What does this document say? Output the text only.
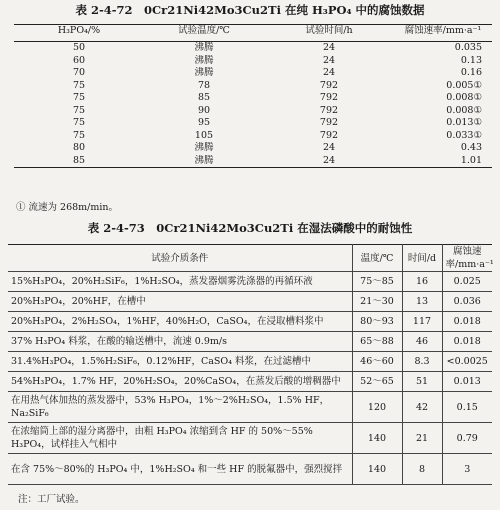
表 2-4-72　0Cr21Ni42Mo3Cu2Ti 在纯 H₃PO₄ 中的腐蚀数据
H₃PO₄/%	试验温度/℃	试验时间/h	腐蚀速率/mm·a⁻¹
50	沸腾	24	0.035
60	沸腾	24	0.13
70	沸腾	24	0.16
75	78	792	0.005①
75	85	792	0.008①
75	90	792	0.008①
75	95	792	0.013①
75	105	792	0.033①
80	沸腾	24	0.43
85	沸腾	24	1.01
① 流速为 268m/min。
表 2-4-73　0Cr21Ni42Mo3Cu2Ti 在湿法磷酸中的耐蚀性
试验介质条件	温度/℃	时间/d	腐蚀速率/mm·a⁻¹
15%H₃PO₄，20%H₂SiF₆，1%H₂SO₄，蒸发器烟雾洗涤器的再循环液	75～85	16	0.025
20%H₃PO₄，20%HF，在槽中	21～30	13	0.036
20%H₃PO₄，2%H₂SO₄，1%HF，40%H₂O，CaSO₄，在浸取槽料浆中	80～93	117	0.018
37% H₃PO₄ 料浆，在酸的输送槽中，流速 0.9m/s	65～88	46	0.018
31.4%H₃PO₄，1.5%H₂SiF₆，0.12%HF，CaSO₄ 料浆，在过滤槽中	46～60	8.3	<0.0025
54%H₃PO₄，1.7% HF，20%H₂SO₄，20%CaSO₄，在蒸发后酸的增稠器中	52～65	51	0.013
在用热气体加热的蒸发器中，53% H₃PO₄，1%～2%H₂SO₄，1.5% HF，Na₂SiF₆	120	42	0.15
在浓缩筒上部的湿分离器中，由粗 H₃PO₄ 浓缩到含 HF 的 50%～55% H₃PO₄，试样挂入气相中	140	21	0.79
在含 75%～80%的 H₃PO₄ 中，1%H₂SO₄ 和一些 HF 的脱氟器中，强烈搅拌	140	8	3
注：工厂试验。
